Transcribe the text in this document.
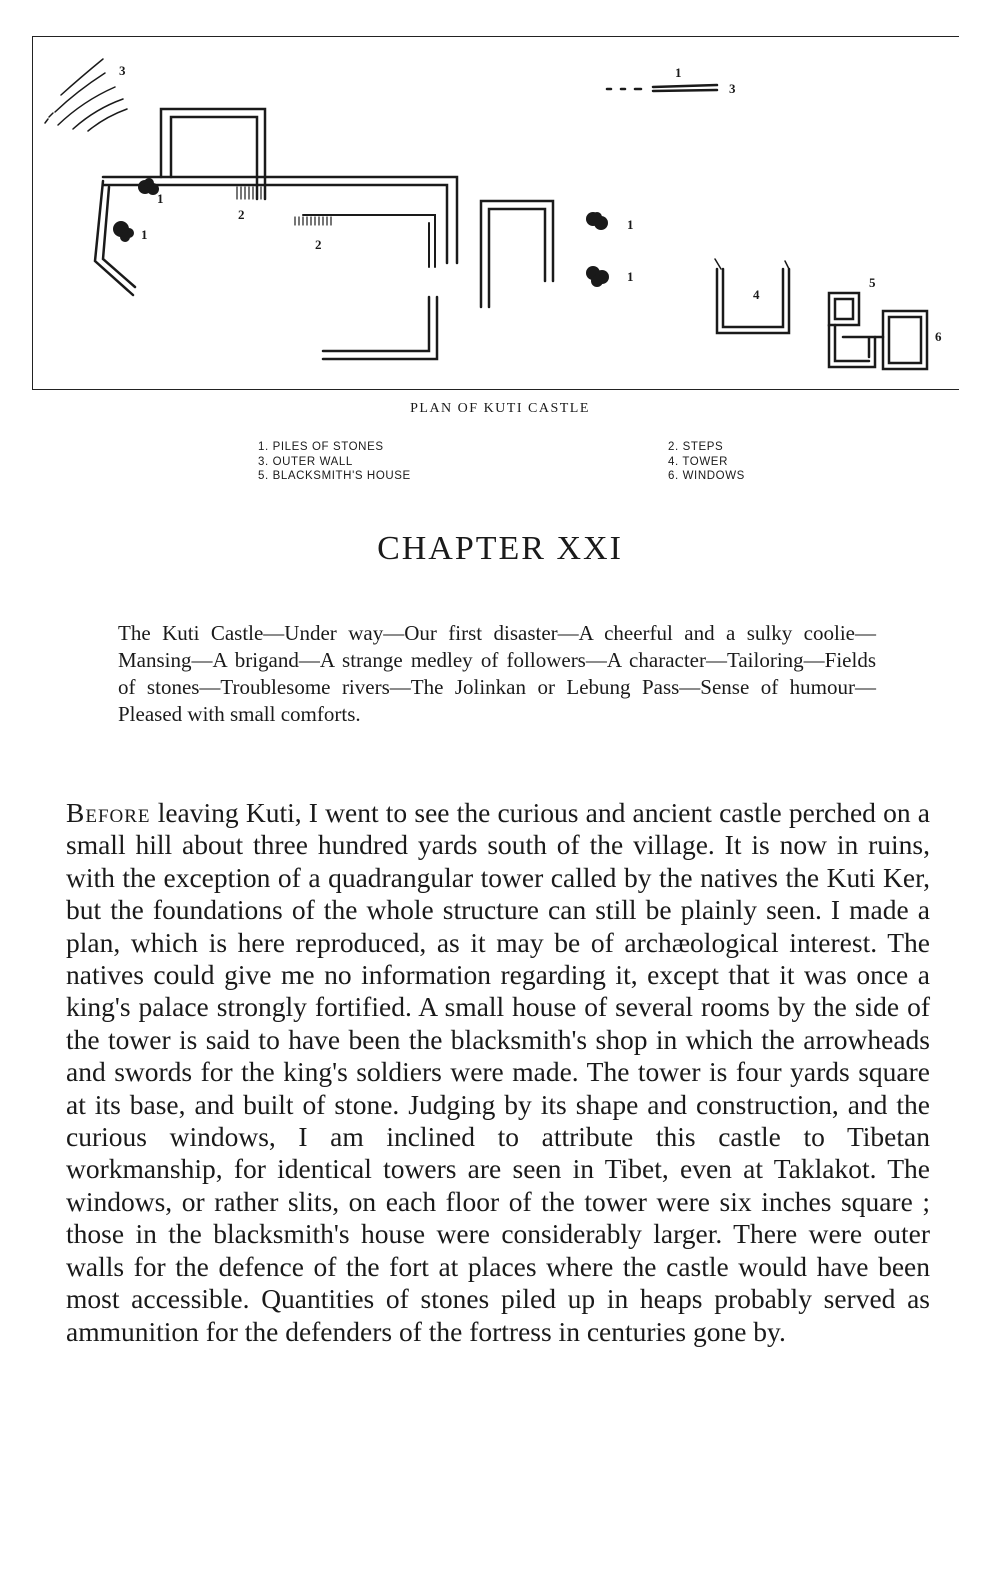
3
1
1
2
2
1
1
1
3
4
5
6
PLAN OF KUTI CASTLE
1. PILES OF STONES
3. OUTER WALL
5. BLACKSMITH'S HOUSE
2. STEPS
4. TOWER
6. WINDOWS
CHAPTER XXI
The Kuti Castle—Under way—Our first disaster—A cheerful and a sulky coolie—Mansing—A brigand—A strange medley of followers—A character—Tailoring—Fields of stones—Troublesome rivers—The Jolinkan or Lebung Pass—Sense of humour—Pleased with small comforts.
Before leaving Kuti, I went to see the curious and ancient castle perched on a small hill about three hundred yards south of the village. It is now in ruins, with the exception of a quadrangular tower called by the natives the Kuti Ker, but the foundations of the whole structure can still be plainly seen. I made a plan, which is here reproduced, as it may be of archæological interest. The natives could give me no information regarding it, except that it was once a king's palace strongly fortified. A small house of several rooms by the side of the tower is said to have been the blacksmith's shop in which the arrowheads and swords for the king's soldiers were made. The tower is four yards square at its base, and built of stone. Judging by its shape and construction, and the curious windows, I am inclined to attribute this castle to Tibetan workmanship, for identical towers are seen in Tibet, even at Taklakot. The windows, or rather slits, on each floor of the tower were six inches square ; those in the blacksmith's house were considerably larger. There were outer walls for the defence of the fort at places where the castle would have been most accessible. Quantities of stones piled up in heaps probably served as ammunition for the defenders of the fortress in centuries gone by.
